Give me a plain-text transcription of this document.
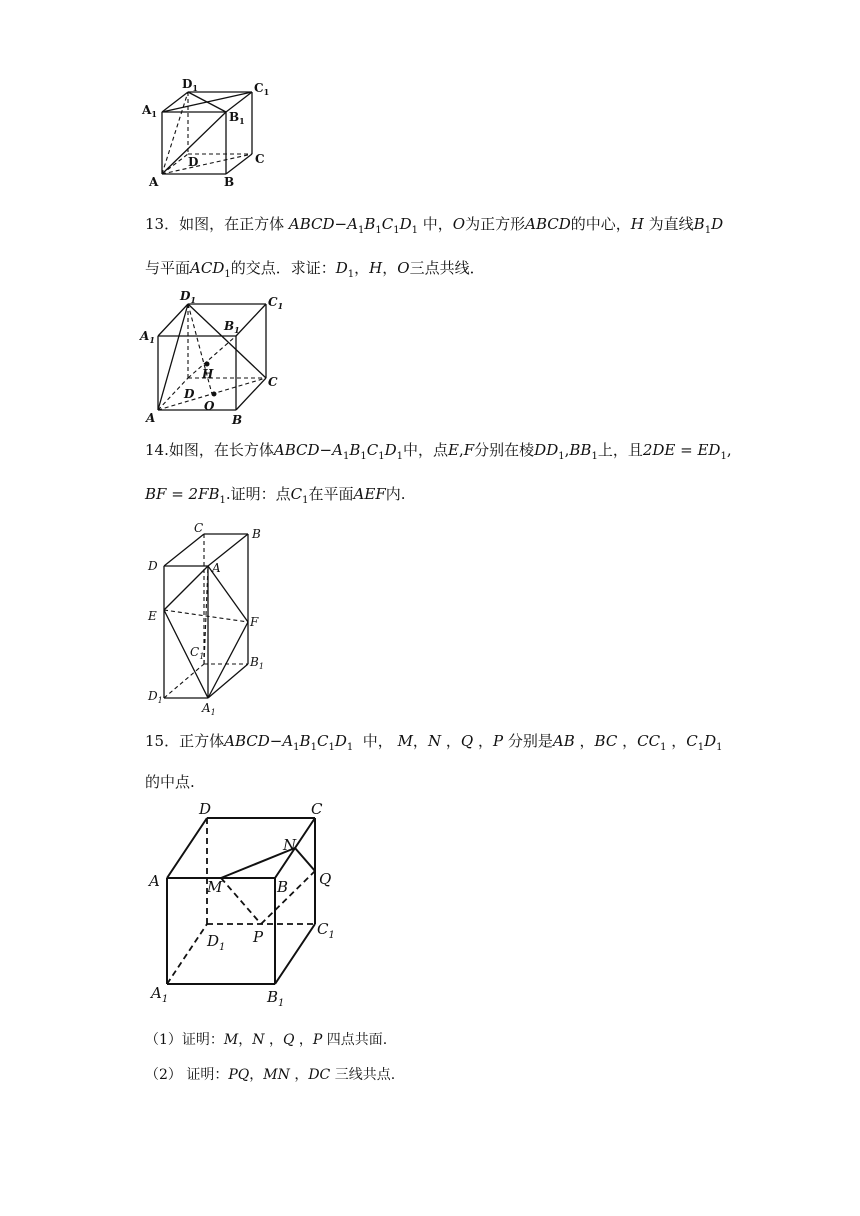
$A_1$
$D_1$	$C_1$
$B_1$
D	C
A	B
13．如图，在正方体 $ABCD-A_1B_1C_1D_1$ 中，O为正方形ABCD的中心，H 为直线$B_1D$
与平面$ACD_1$的交点．求证：$D_1$，H，O三点共线．
$A_1$
$D_1$	$C_1$
$B_1$
H
D
O
C
A	B
14.如图，在长方体$ABCD-A_1B_1C_1D_1$中，点E,F分别在棱$DD_1,BB_1$上，且$2DE = ED_1$,
BF = $2FB_1$.证明：点$C_1$在平面AEF内.
C	B
D	A
E	F
$C_1$	$B_1$
$D_1$
$A_1$
15．正方体$ABCD-A_1B_1C_1D_1$ 中， M，N ，Q ，P 分别是AB ，BC ，$CC_1$ ，$C_1D_1$
的中点.
D	C
A	M
N
B Q
$D_1$
P	$C_1$
$A_1$	$B_1$
（1）证明：M，N ，Q ，P 四点共面.
（2） 证明：PQ，MN ，DC 三线共点.
